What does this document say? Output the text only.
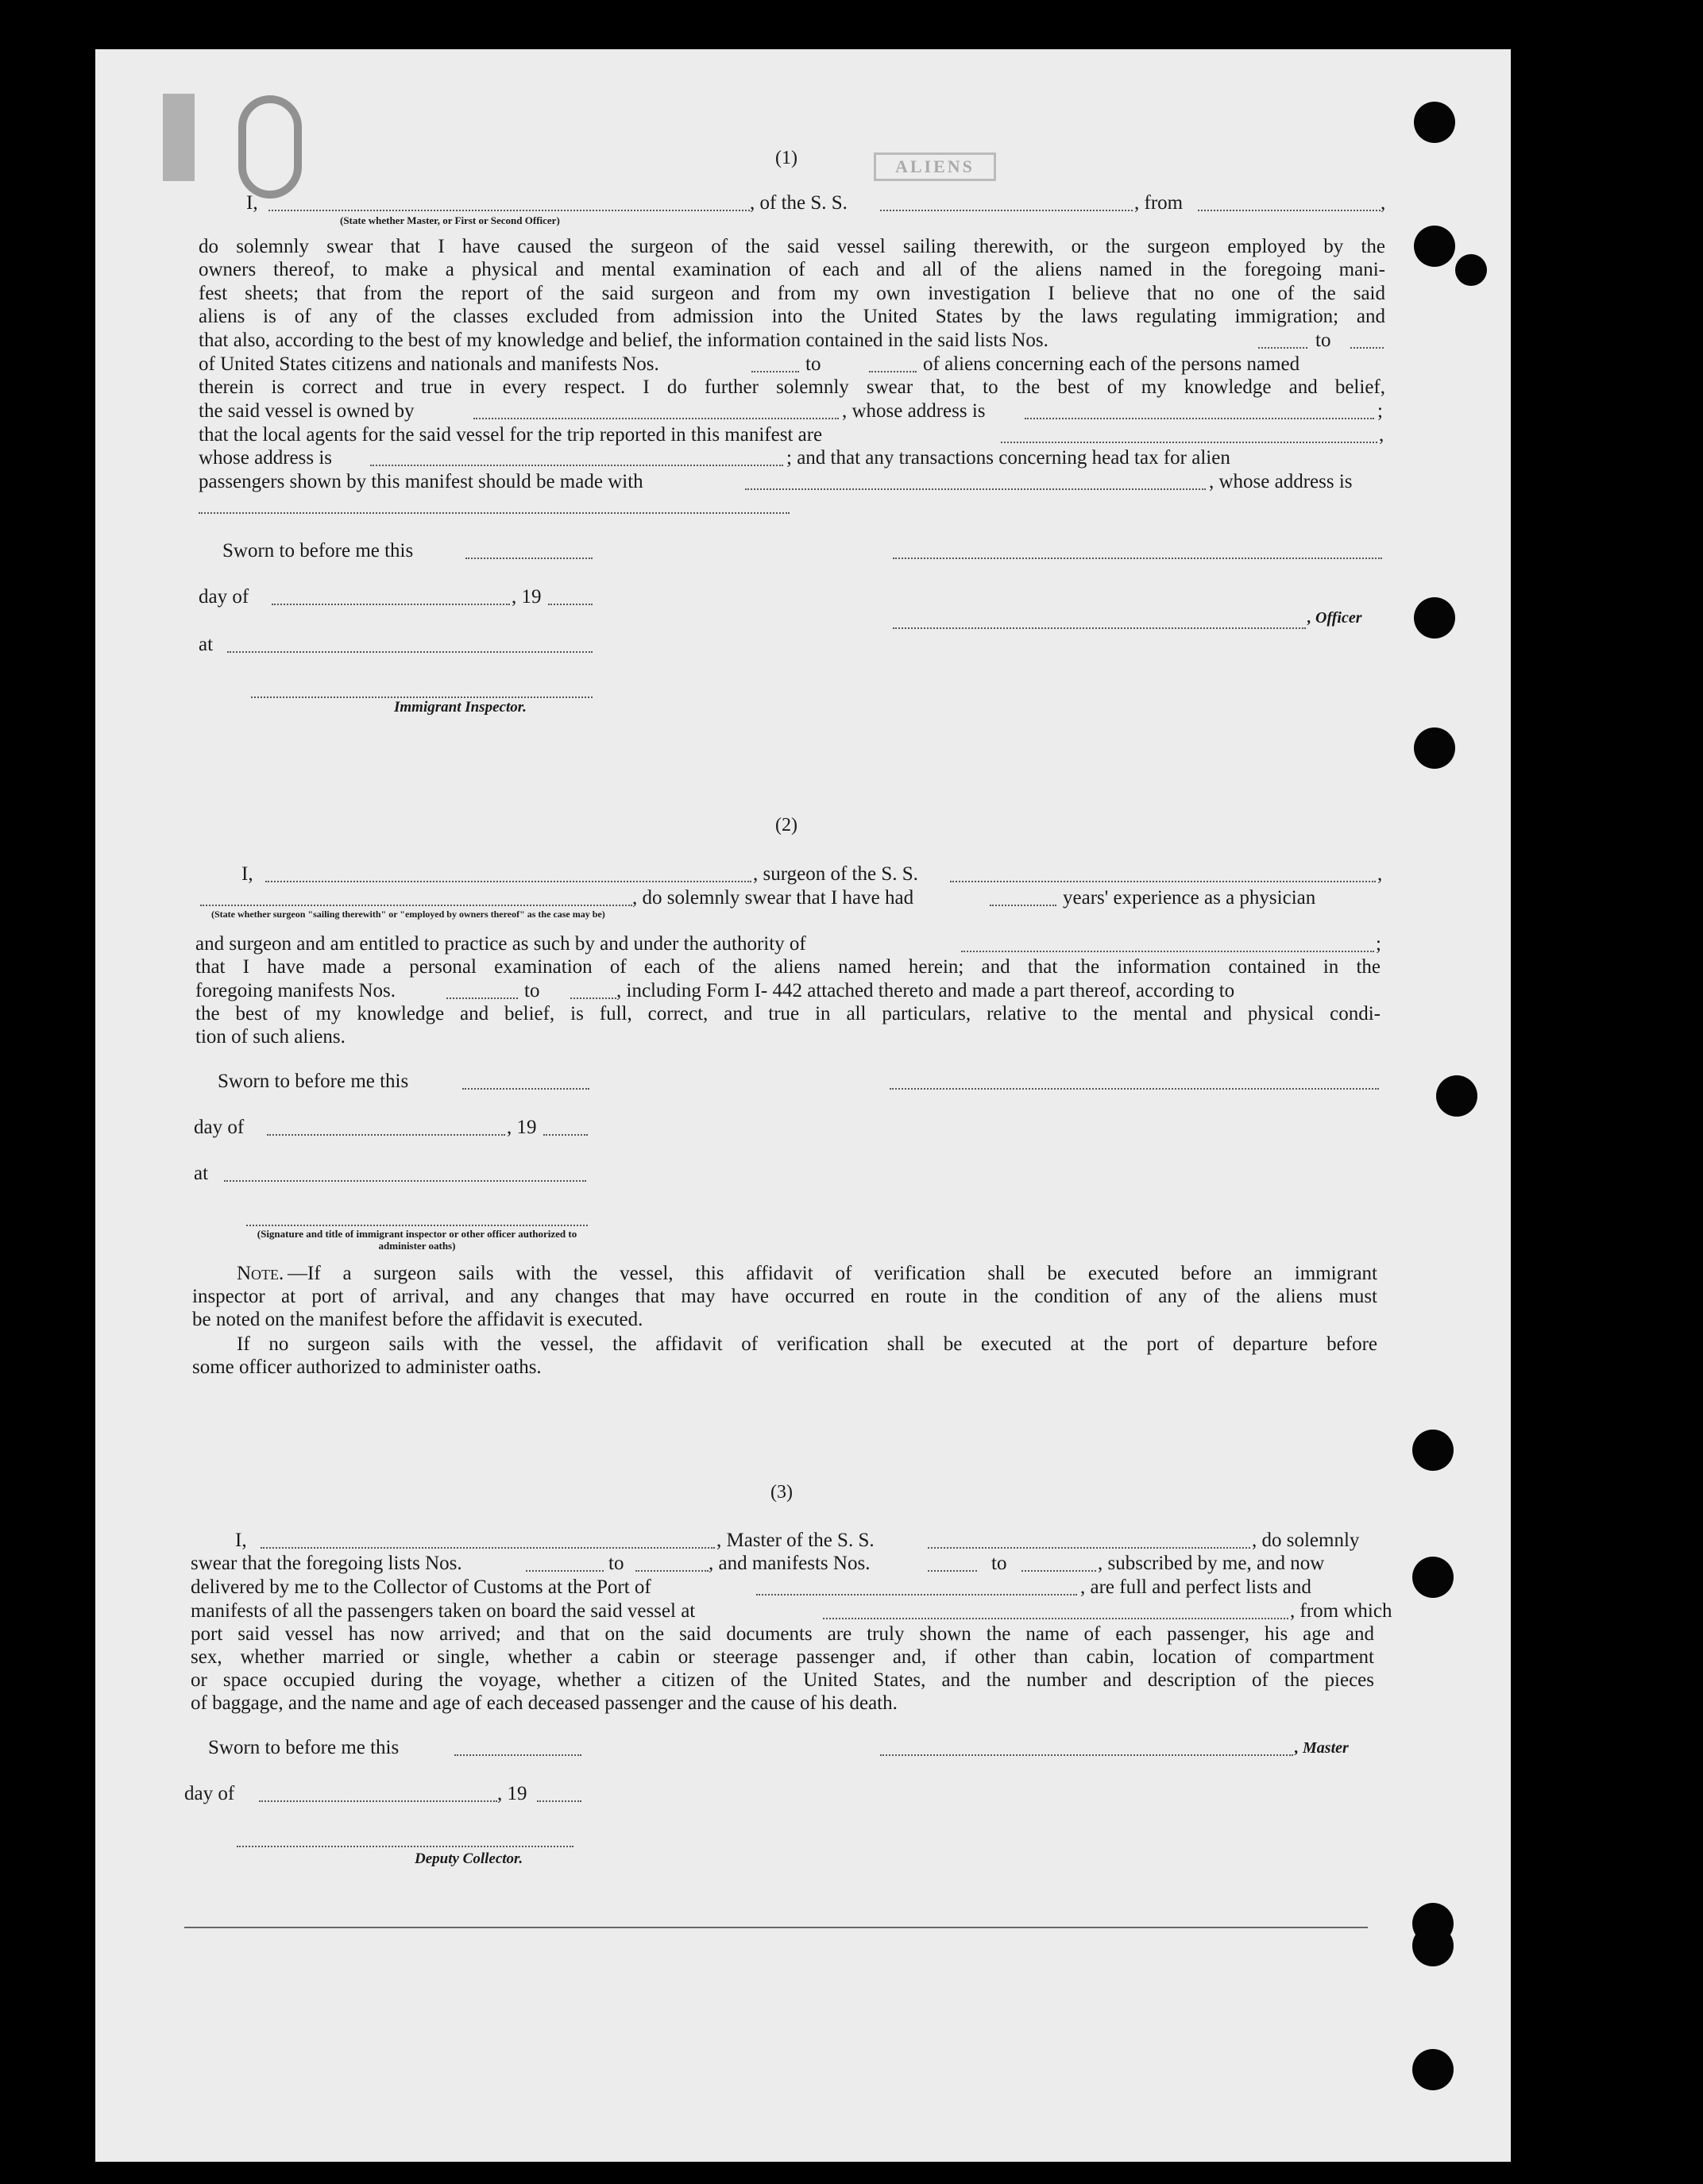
ALIENS
(1)
I,	, of the S. S.	, from	,
(State whether Master, or First or Second Officer)
do solemnly swear that I have caused the surgeon of the said vessel sailing therewith, or the surgeon employed by the
owners thereof, to make a physical and mental examination of each and all of the aliens named in the foregoing mani-
fest sheets; that from the report of the said surgeon and from my own investigation I believe that no one of the said
aliens is of any of the classes excluded from admission into the United States by the laws regulating immigration; and
that also, according to the best of my knowledge and belief, the information contained in the said lists Nos.	to
of United States citizens and nationals and manifests Nos.	to	of aliens concerning each of the persons named
therein is correct and true in every respect. I do further solemnly swear that, to the best of my knowledge and belief,
the said vessel is owned by	, whose address is	;
that the local agents for the said vessel for the trip reported in this manifest are	,
whose address is	; and that any transactions concerning head tax for alien
passengers shown by this manifest should be made with	, whose address is
Sworn to before me this
day of	, 19
, Officer
at
Immigrant Inspector.
(2)
I,	, surgeon of the S. S.	,
, do solemnly swear that I have had	years' experience as a physician
(State whether surgeon "sailing therewith" or "employed by owners thereof" as the case may be)
and surgeon and am entitled to practice as such by and under the authority of	;
that I have made a personal examination of each of the aliens named herein; and that the information contained in the
foregoing manifests Nos.	to	, including Form I- 442 attached thereto and made a part thereof, according to
the best of my knowledge and belief, is full, correct, and true in all particulars, relative to the mental and physical condi-
tion of such aliens.
Sworn to before me this
day of	, 19
at
(Signature and title of immigrant inspector or other officer authorized to administer oaths)
Note. —If a surgeon sails with the vessel, this affidavit of verification shall be executed before an immigrant
inspector at port of arrival, and any changes that may have occurred en route in the condition of any of the aliens must
be noted on the manifest before the affidavit is executed.
If no surgeon sails with the vessel, the affidavit of verification shall be executed at the port of departure before
some officer authorized to administer oaths.
(3)
I,	, Master of the S. S.	, do solemnly
swear that the foregoing lists Nos.	to	, and manifests Nos.	to	, subscribed by me, and now
delivered by me to the Collector of Customs at the Port of	, are full and perfect lists and
manifests of all the passengers taken on board the said vessel at	, from which
port said vessel has now arrived; and that on the said documents are truly shown the name of each passenger, his age and
sex, whether married or single, whether a cabin or steerage passenger and, if other than cabin, location of compartment
or space occupied during the voyage, whether a citizen of the United States, and the number and description of the pieces
of baggage, and the name and age of each deceased passenger and the cause of his death.
Sworn to before me this	, Master
day of	, 19
Deputy Collector.
